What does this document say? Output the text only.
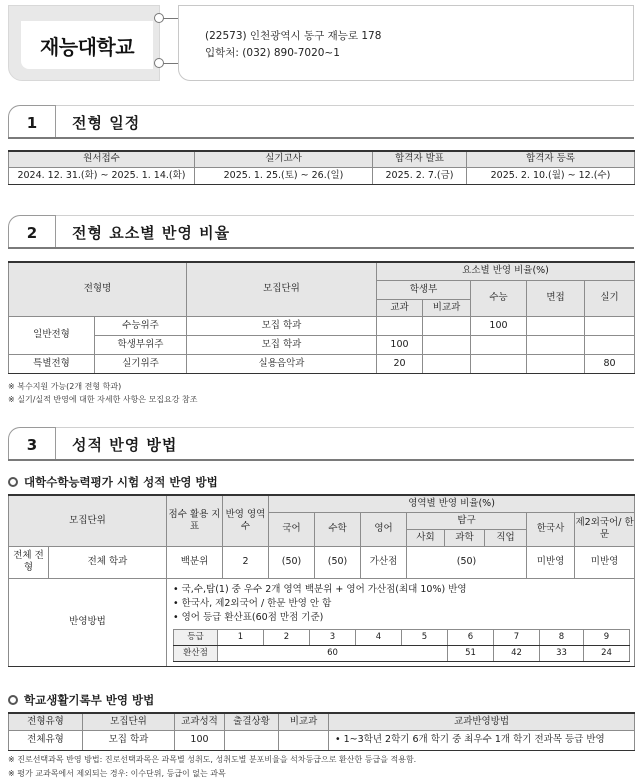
재능대학교	(22573) 인천광역시 동구 재능로 178
입학처: (032) 890-7020~1
1	전형 일정
원서접수	실기고사	합격자 발표	합격자 등록
2024. 12. 31.(화) ~ 2025. 1. 14.(화)	2025. 1. 25.(토) ~ 26.(일)	2025. 2. 7.(금)	2025. 2. 10.(월) ~ 12.(수)
2	전형 요소별 반영 비율
전형명		모집단위	요소별 반영 비율(%)				
			학생부		수능	면접	실기
			교과	비교과			
일반전형	수능위주	모집 학과			100		
	학생부위주	모집 학과	100				
특별전형	실기위주	실용음악과	20				80
※ 복수지원 가능(2개 전형 학과)
※ 실기/실적 반영에 대한 자세한 사항은 모집요강 참조
3	성적 반영 방법
대학수학능력평가 시험 성적 반영 방법
모집단위	점수 활용 지표	반영 영역수	영역별 반영 비율(%)
국어	수학	영어	탐구	한국사	제2외국어/ 한문
사회	과학	직업
전체 전형	전체 학과	백분위	2	(50)	(50)	가산점	(50)	미반영	미반영
반영방법	
• 국,수,탐(1) 중 우수 2개 영역 백분위 + 영어 가산점(최대 10%) 반영
• 한국사, 제2외국어 / 한문 반영 안 함
• 영어 등급 환산표(60점 만점 기준)
등급	1	2	3	4	5	6	7	8	9
환산점	60	51	42	33	24
학교생활기록부 반영 방법
전형유형	모집단위	교과성적	출결상황	비교과	교과반영방법
전체유형	모집 학과	100			• 1~3학년 2학기 6개 학기 중 최우수 1개 학기 전과목 등급 반영
※ 진로선택과목 반영 방법: 진로선택과목은 과목별 성취도, 성취도별 분포비율을 석차등급으로 환산한 등급을 적용함.
※ 평가 교과목에서 제외되는 경우: 이수단위, 등급이 없는 과목
